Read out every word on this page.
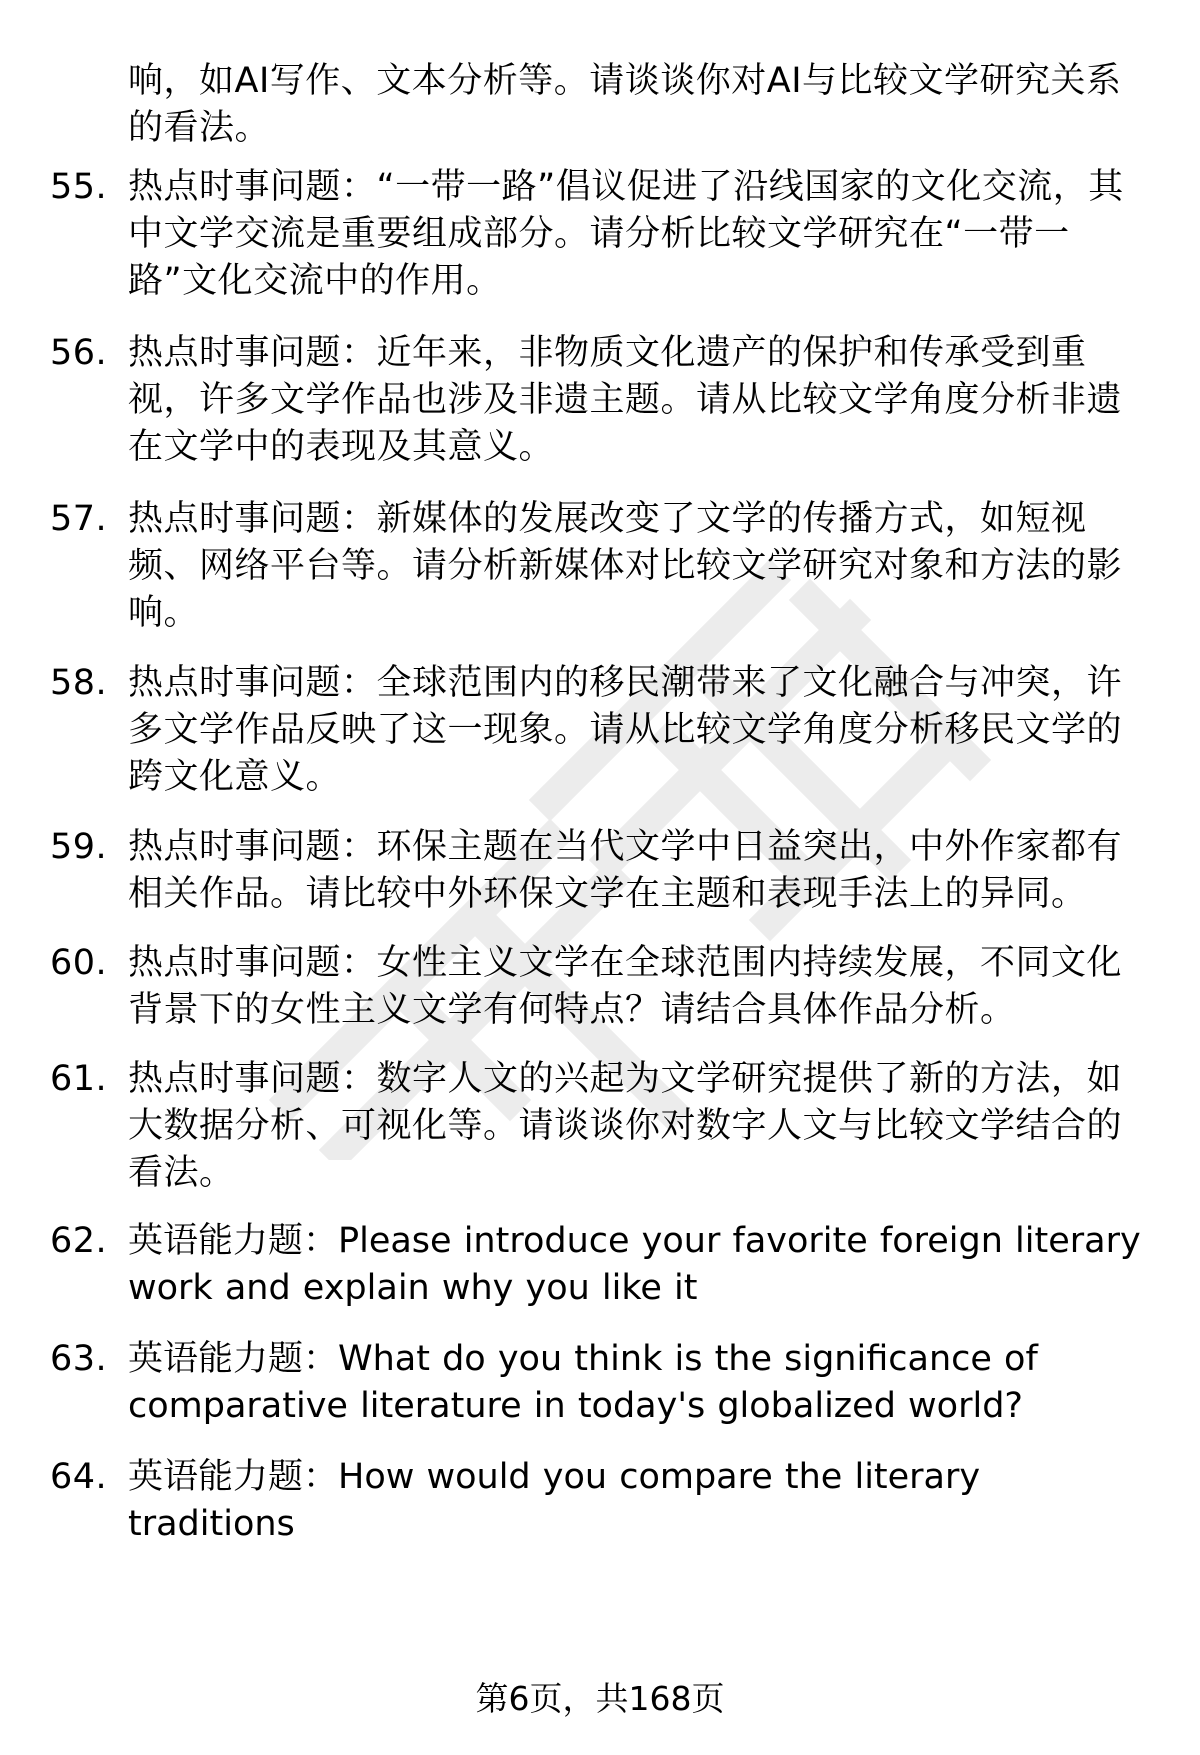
响，如AI写作、文本分析等。请谈谈你对AI与比较文学研究关系的看法。
55. 热点时事问题：“一带一路”倡议促进了沿线国家的文化交流，其中文学交流是重要组成部分。请分析比较文学研究在“一带一路”文化交流中的作用。
56. 热点时事问题：近年来，非物质文化遗产的保护和传承受到重视，许多文学作品也涉及非遗主题。请从比较文学角度分析非遗在文学中的表现及其意义。
57. 热点时事问题：新媒体的发展改变了文学的传播方式，如短视频、网络平台等。请分析新媒体对比较文学研究对象和方法的影响。
58. 热点时事问题：全球范围内的移民潮带来了文化融合与冲突，许多文学作品反映了这一现象。请从比较文学角度分析移民文学的跨文化意义。
59. 热点时事问题：环保主题在当代文学中日益突出，中外作家都有相关作品。请比较中外环保文学在主题和表现手法上的异同。
60. 热点时事问题：女性主义文学在全球范围内持续发展，不同文化背景下的女性主义文学有何特点？请结合具体作品分析。
61. 热点时事问题：数字人文的兴起为文学研究提供了新的方法，如大数据分析、可视化等。请谈谈你对数字人文与比较文学结合的看法。
62. 英语能力题：Please introduce your favorite foreign literary work and explain why you like it
63. 英语能力题：What do you think is the significance of comparative literature in today's globalized world?
64. 英语能力题：How would you compare the literary traditions
第6页，共168页
